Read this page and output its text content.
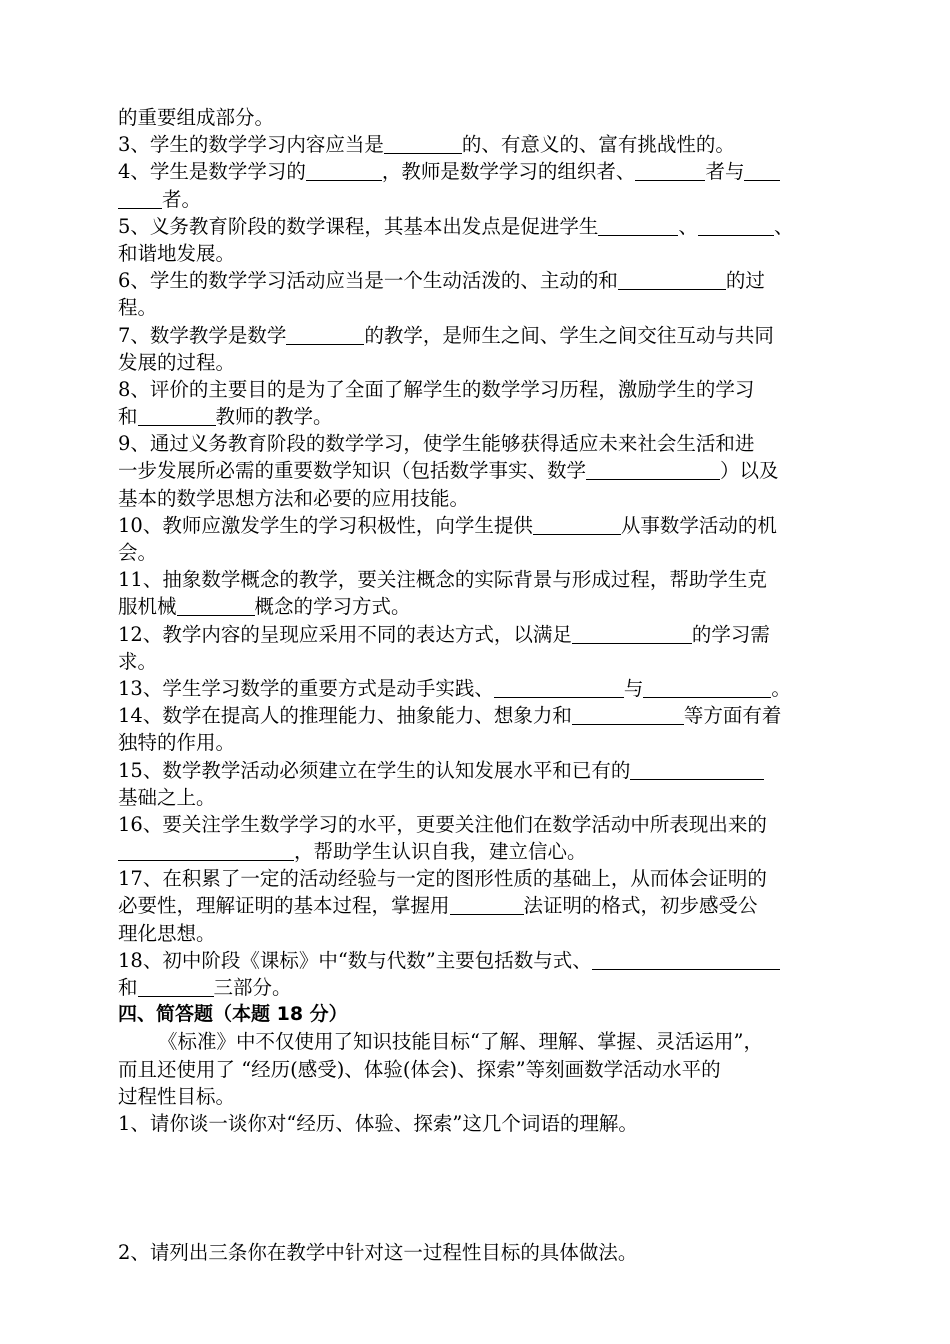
的重要组成部分。
3、学生的数学学习内容应当是	的、有意义的、富有挑战性的。
4、学生是数学学习的	，教师是数学学习的组织者、	者与
者。
5、义务教育阶段的数学课程，其基本出发点是促进学生	、	、
和谐地发展。
6、学生的数学学习活动应当是一个生动活泼的、主动的和	的过
程。
7、数学教学是数学	的教学，是师生之间、学生之间交往互动与共同
发展的过程。
8、评价的主要目的是为了全面了解学生的数学学习历程，激励学生的学习
和	教师的教学。
9、通过义务教育阶段的数学学习，使学生能够获得适应未来社会生活和进
一步发展所必需的重要数学知识（包括数学事实、数学	）以及
基本的数学思想方法和必要的应用技能。
10、教师应激发学生的学习积极性，向学生提供	从事数学活动的机
会。
11、抽象数学概念的教学，要关注概念的实际背景与形成过程，帮助学生克
服机械	概念的学习方式。
12、教学内容的呈现应采用不同的表达方式，以满足	的学习需
求。
13、学生学习数学的重要方式是动手实践、	与	。
14、数学在提高人的推理能力、抽象能力、想象力和	等方面有着
独特的作用。
15、数学教学活动必须建立在学生的认知发展水平和已有的
基础之上。
16、要关注学生数学学习的水平，更要关注他们在数学活动中所表现出来的
，帮助学生认识自我，建立信心。
17、在积累了一定的活动经验与一定的图形性质的基础上，从而体会证明的
必要性，理解证明的基本过程，掌握用	法证明的格式，初步感受公
理化思想。
18、初中阶段《课标》中“数与代数”主要包括数与式、
和	三部分。
四、简答题（本题 18 分）
《标准》中不仅使用了知识技能目标“了解、理解、掌握、灵活运用”，
而且还使用了 “经历(感受)、体验(体会)、探索”等刻画数学活动水平的
过程性目标。
1、请你谈一谈你对“经历、体验、探索”这几个词语的理解。
2、请列出三条你在教学中针对这一过程性目标的具体做法。
